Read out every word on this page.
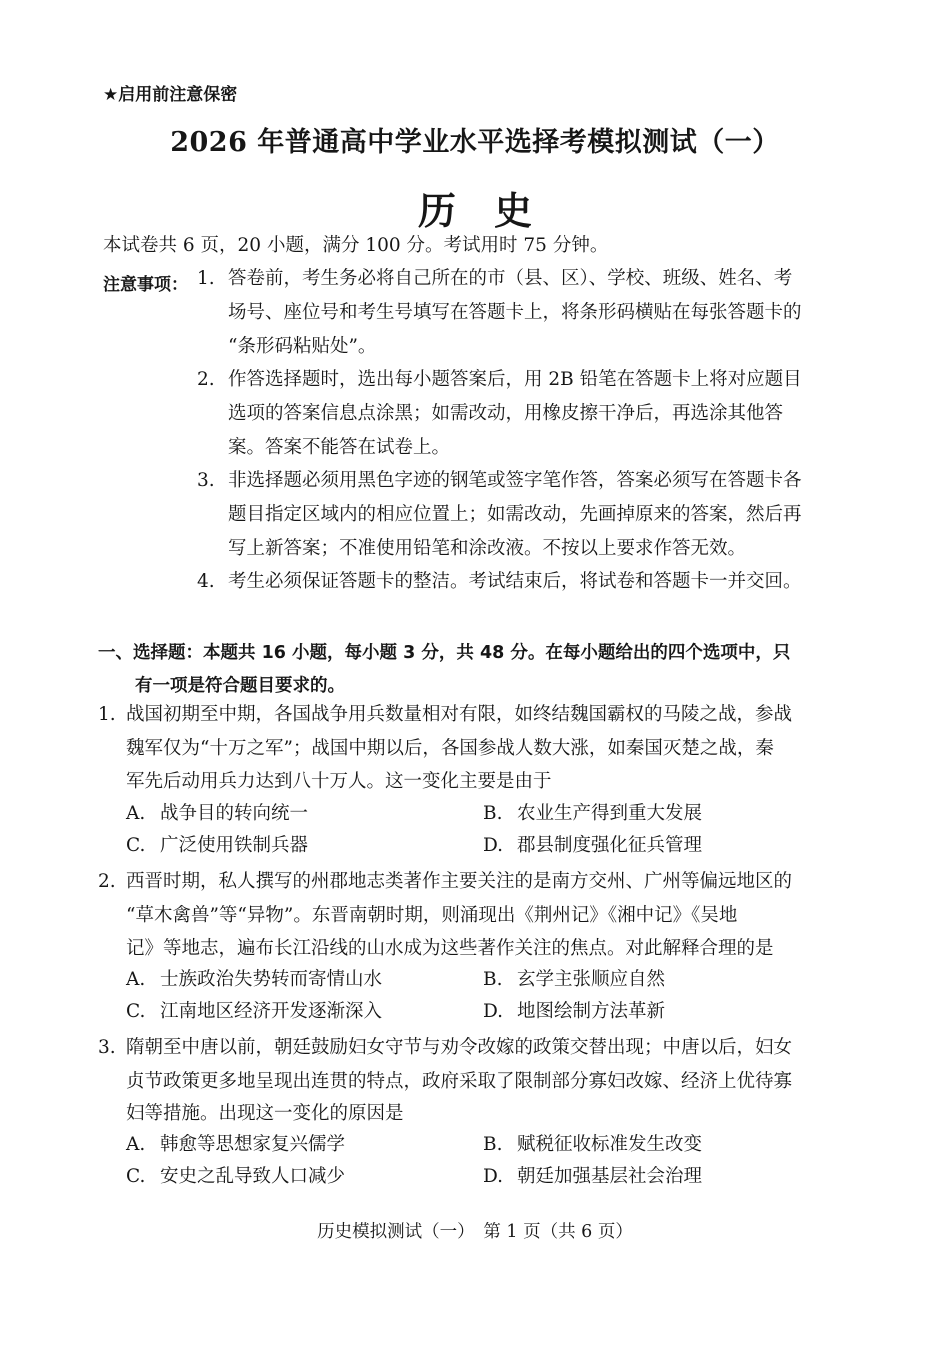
★启用前注意保密
2026 年普通高中学业水平选择考模拟测试（一）
历　史
本试卷共 6 页，20 小题，满分 100 分。考试用时 75 分钟。
注意事项： 1. 答卷前，考生务必将自己所在的市（县、区）、学校、班级、姓名、考
场号、座位号和考生号填写在答题卡上，将条形码横贴在每张答题卡的
“条形码粘贴处”。
2. 作答选择题时，选出每小题答案后，用 2B 铅笔在答题卡上将对应题目
选项的答案信息点涂黑；如需改动，用橡皮擦干净后，再选涂其他答
案。答案不能答在试卷上。
3. 非选择题必须用黑色字迹的钢笔或签字笔作答，答案必须写在答题卡各
题目指定区域内的相应位置上；如需改动，先画掉原来的答案，然后再
写上新答案；不准使用铅笔和涂改液。不按以上要求作答无效。
4. 考生必须保证答题卡的整洁。考试结束后，将试卷和答题卡一并交回。
一、选择题：本题共 16 小题，每小题 3 分，共 48 分。在每小题给出的四个选项中，只
有一项是符合题目要求的。
1. 战国初期至中期，各国战争用兵数量相对有限，如终结魏国霸权的马陵之战，参战
魏军仅为“十万之军”；战国中期以后，各国参战人数大涨，如秦国灭楚之战，秦
军先后动用兵力达到八十万人。这一变化主要是由于
A. 战争目的转向统一	B. 农业生产得到重大发展
C. 广泛使用铁制兵器	D. 郡县制度强化征兵管理
2. 西晋时期，私人撰写的州郡地志类著作主要关注的是南方交州、广州等偏远地区的
“草木禽兽”等“异物”。东晋南朝时期，则涌现出《荆州记》《湘中记》《吴地
记》等地志，遍布长江沿线的山水成为这些著作关注的焦点。对此解释合理的是
A. 士族政治失势转而寄情山水	B. 玄学主张顺应自然
C. 江南地区经济开发逐渐深入	D. 地图绘制方法革新
3. 隋朝至中唐以前，朝廷鼓励妇女守节与劝令改嫁的政策交替出现；中唐以后，妇女
贞节政策更多地呈现出连贯的特点，政府采取了限制部分寡妇改嫁、经济上优待寡
妇等措施。出现这一变化的原因是
A. 韩愈等思想家复兴儒学	B. 赋税征收标准发生改变
C. 安史之乱导致人口减少	D. 朝廷加强基层社会治理
历史模拟测试（一）　第 1 页（共 6 页）
